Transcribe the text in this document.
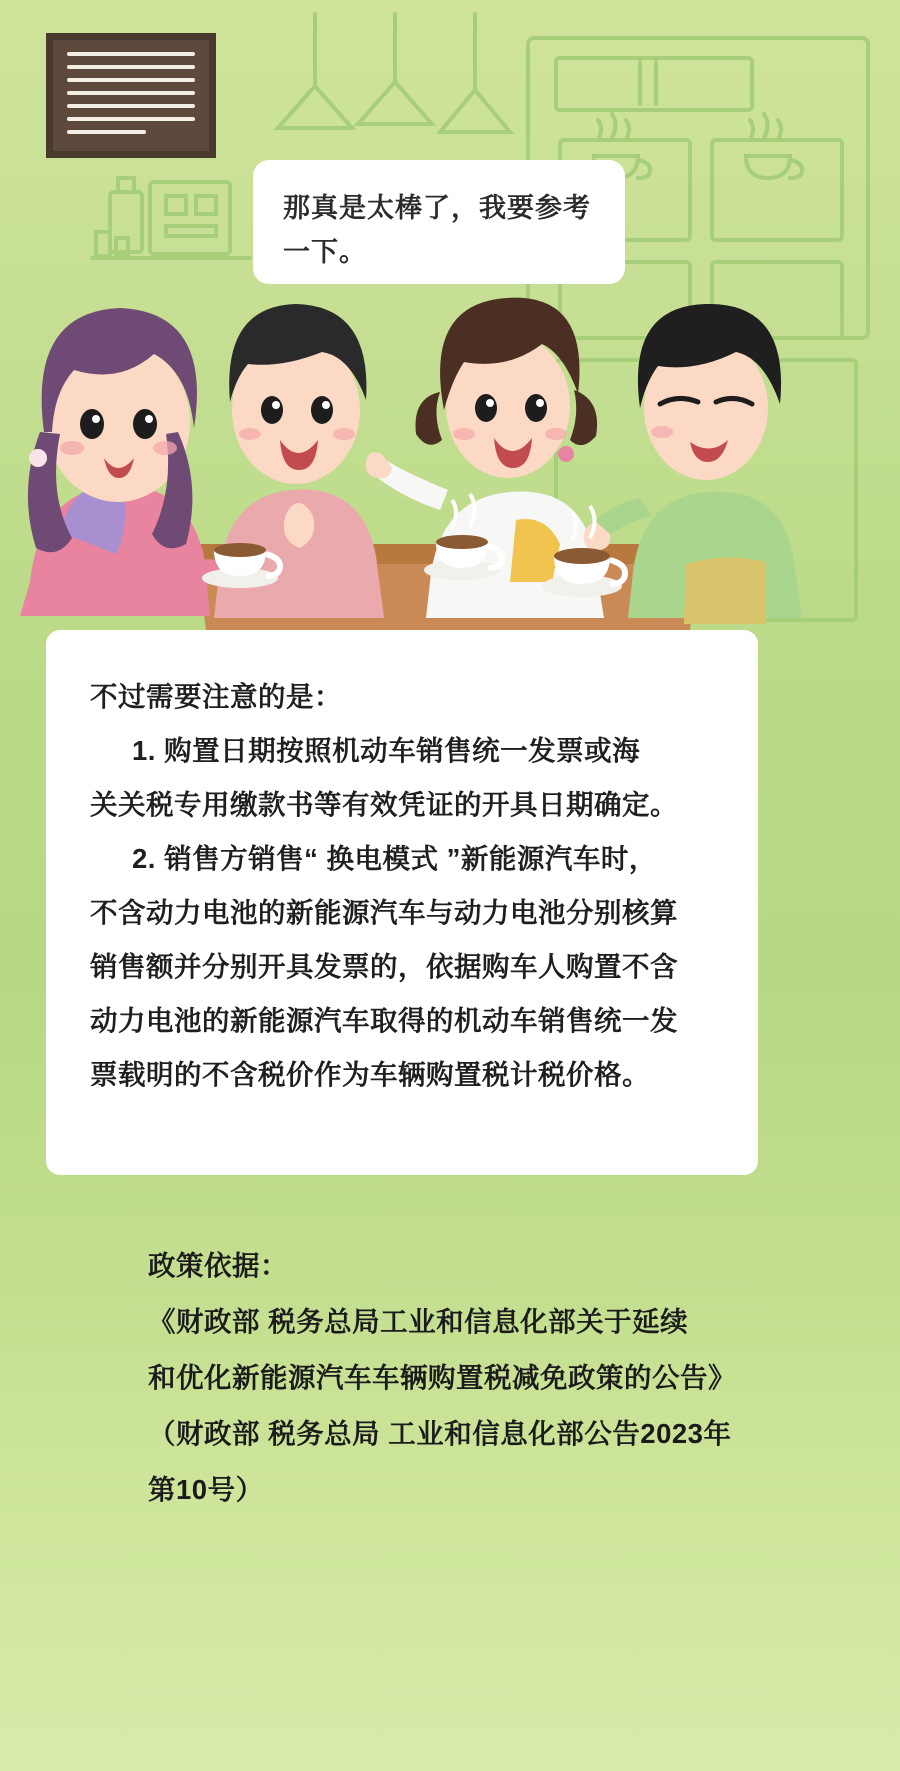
那真是太棒了，我要参考一下。

不过需要注意的是：

1. 购置日期按照机动车销售统一发票或海

关关税专用缴款书等有效凭证的开具日期确定。

2. 销售方销售“ 换电模式 ”新能源汽车时，

不含动力电池的新能源汽车与动力电池分别核算

销售额并分别开具发票的，依据购车人购置不含

动力电池的新能源汽车取得的机动车销售统一发

票载明的不含税价作为车辆购置税计税价格。

政策依据：

《财政部 税务总局工业和信息化部关于延续

和优化新能源汽车车辆购置税减免政策的公告》

（财政部 税务总局 工业和信息化部公告2023年

第10号）
